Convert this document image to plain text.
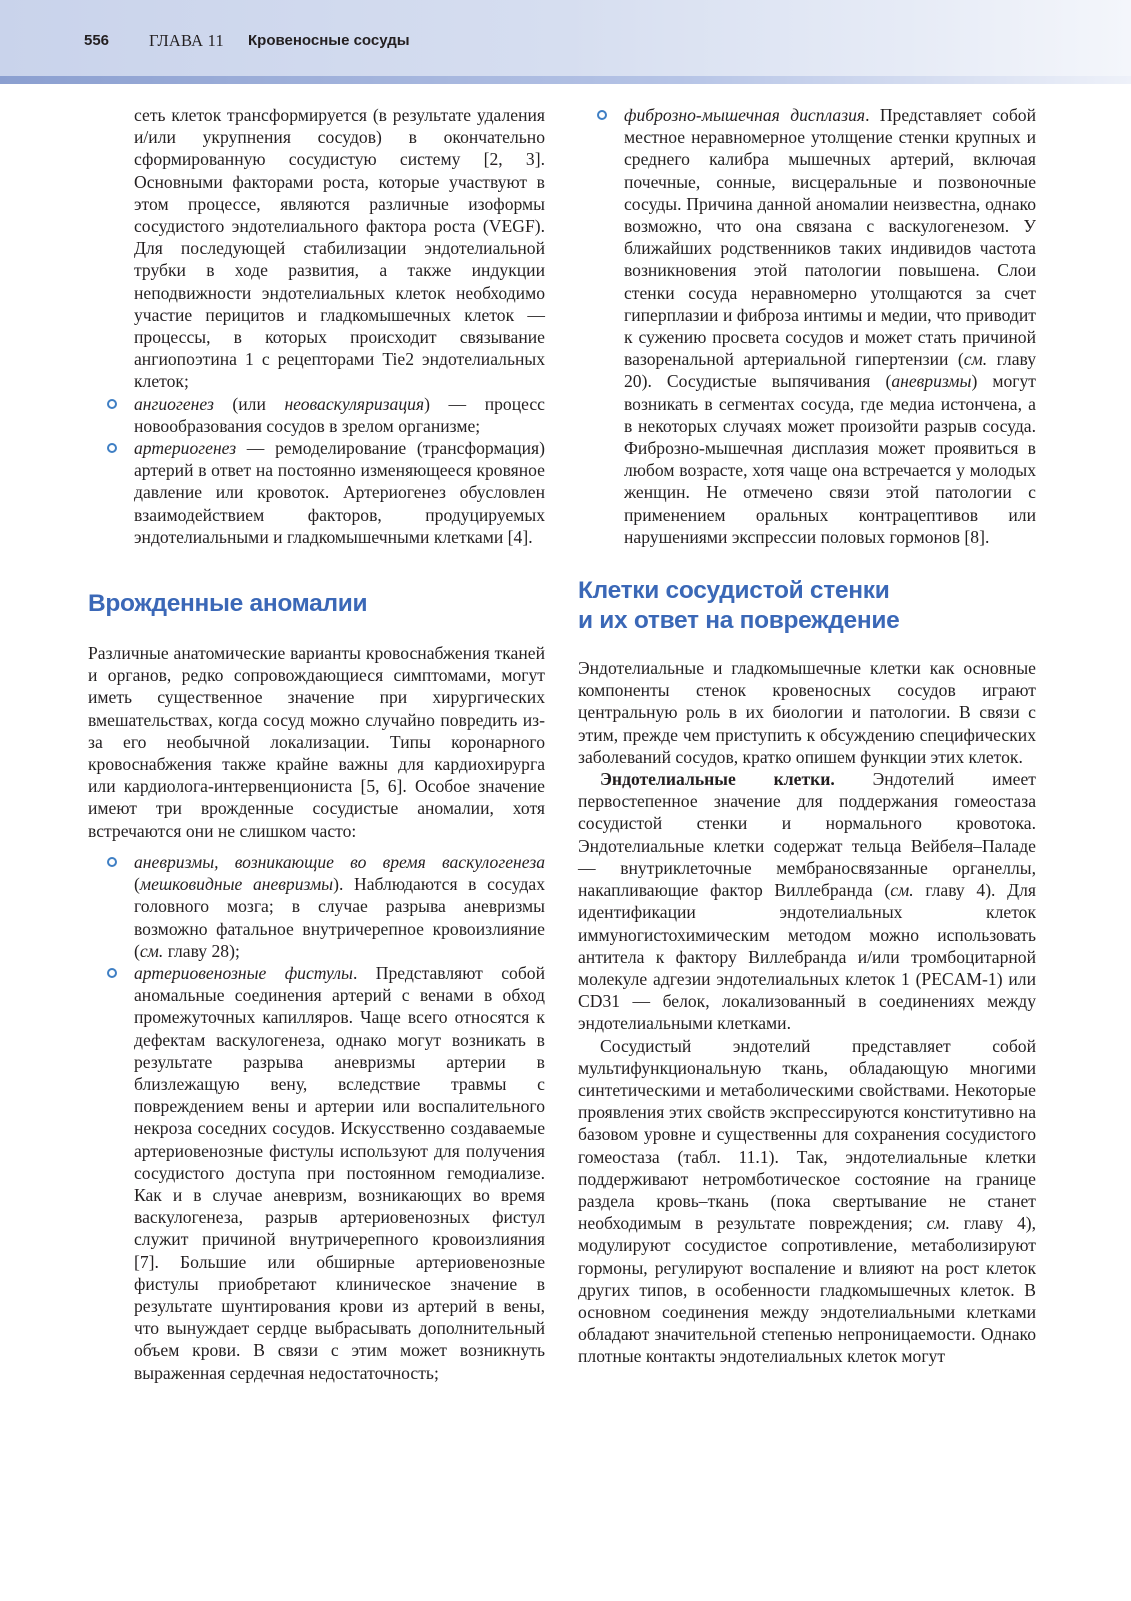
556 ГЛАВА 11 Кровеносные сосуды

сеть клеток трансформируется (в результате удаления и/или укрупнения сосудов) в окончательно сформированную сосудистую систему [2, 3]. Основными факторами роста, которые участвуют в этом процессе, являются различные изоформы сосудистого эндотелиального фактора роста (VEGF). Для последующей стабилизации эндотелиальной трубки в ходе развития, а также индукции неподвижности эндотелиальных клеток необходимо участие перицитов и гладкомышечных клеток — процессы, в которых происходит связывание ангиопоэтина 1 с рецепторами Tie2 эндотелиальных клеток;

ангиогенез (или неоваскуляризация) — процесс новообразования сосудов в зрелом организме;
артериогенез — ремоделирование (трансформация) артерий в ответ на постоянно изменяющееся кровяное давление или кровоток. Артериогенез обусловлен взаимодействием факторов, продуцируемых эндотелиальными и гладкомышечными клетками [4].
Врожденные аномалии

Различные анатомические варианты кровоснабжения тканей и органов, редко сопровождающиеся симптомами, могут иметь существенное значение при хирургических вмешательствах, когда сосуд можно случайно повредить из-за его необычной локализации. Типы коронарного кровоснабжения также крайне важны для кардиохирурга или кардиолога-интервенциониста [5, 6]. Особое значение имеют три врожденные сосудистые аномалии, хотя встречаются они не слишком часто:

аневризмы, возникающие во время васкулогенеза (мешковидные аневризмы). Наблюдаются в сосудах головного мозга; в случае разрыва аневризмы возможно фатальное внутричерепное кровоизлияние (см. главу 28);
артериовенозные фистулы. Представляют собой аномальные соединения артерий с венами в обход промежуточных капилляров. Чаще всего относятся к дефектам васкулогенеза, однако могут возникать в результате разрыва аневризмы артерии в близлежащую вену, вследствие травмы с повреждением вены и артерии или воспалительного некроза соседних сосудов. Искусственно создаваемые артериовенозные фистулы используют для получения сосудистого доступа при постоянном гемодиализе. Как и в случае аневризм, возникающих во время васкулогенеза, разрыв артериовенозных фистул служит причиной внутричерепного кровоизлияния [7]. Большие или обширные артериовенозные фистулы приобретают клиническое значение в результате шунтирования крови из артерий в вены, что вынуждает сердце выбрасывать дополнительный объем крови. В связи с этим может возникнуть выраженная сердечная недостаточность;
фиброзно-мышечная дисплазия. Представляет собой местное неравномерное утолщение стенки крупных и среднего калибра мышечных артерий, включая почечные, сонные, висцеральные и позвоночные сосуды. Причина данной аномалии неизвестна, однако возможно, что она связана с васкулогенезом. У ближайших родственников таких индивидов частота возникновения этой патологии повышена. Слои стенки сосуда неравномерно утолщаются за счет гиперплазии и фиброза интимы и медии, что приводит к сужению просвета сосудов и может стать причиной вазоренальной артериальной гипертензии (см. главу 20). Сосудистые выпячивания (аневризмы) могут возникать в сегментах сосуда, где медиа истончена, а в некоторых случаях может произойти разрыв сосуда. Фиброзно-мышечная дисплазия может проявиться в любом возрасте, хотя чаще она встречается у молодых женщин. Не отмечено связи этой патологии с применением оральных контрацептивов или нарушениями экспрессии половых гормонов [8].
Клетки сосудистой стенки
и их ответ на повреждение

Эндотелиальные и гладкомышечные клетки как основные компоненты стенок кровеносных сосудов играют центральную роль в их биологии и патологии. В связи с этим, прежде чем приступить к обсуждению специфических заболеваний сосудов, кратко опишем функции этих клеток.

Эндотелиальные клетки. Эндотелий имеет первостепенное значение для поддержания гомеостаза сосудистой стенки и нормального кровотока. Эндотелиальные клетки содержат тельца Вейбеля–Паладе — внутриклеточные мембраносвязанные органеллы, накапливающие фактор Виллебранда (см. главу 4). Для идентификации эндотелиальных клеток иммуногистохимическим методом можно использовать антитела к фактору Виллебранда и/или тромбоцитарной молекуле адгезии эндотелиальных клеток 1 (PECAM-1) или CD31 — белок, локализованный в соединениях между эндотелиальными клетками.

Сосудистый эндотелий представляет собой мультифункциональную ткань, обладающую многими синтетическими и метаболическими свойствами. Некоторые проявления этих свойств экспрессируются конститутивно на базовом уровне и существенны для сохранения сосудистого гомеостаза (табл. 11.1). Так, эндотелиальные клетки поддерживают нетромботическое состояние на границе раздела кровь–ткань (пока свертывание не станет необходимым в результате повреждения; см. главу 4), модулируют сосудистое сопротивление, метаболизируют гормоны, регулируют воспаление и влияют на рост клеток других типов, в особенности гладкомышечных клеток. В основном соединения между эндотелиальными клетками обладают значительной степенью непроницаемости. Однако плотные контакты эндотелиальных клеток могут
